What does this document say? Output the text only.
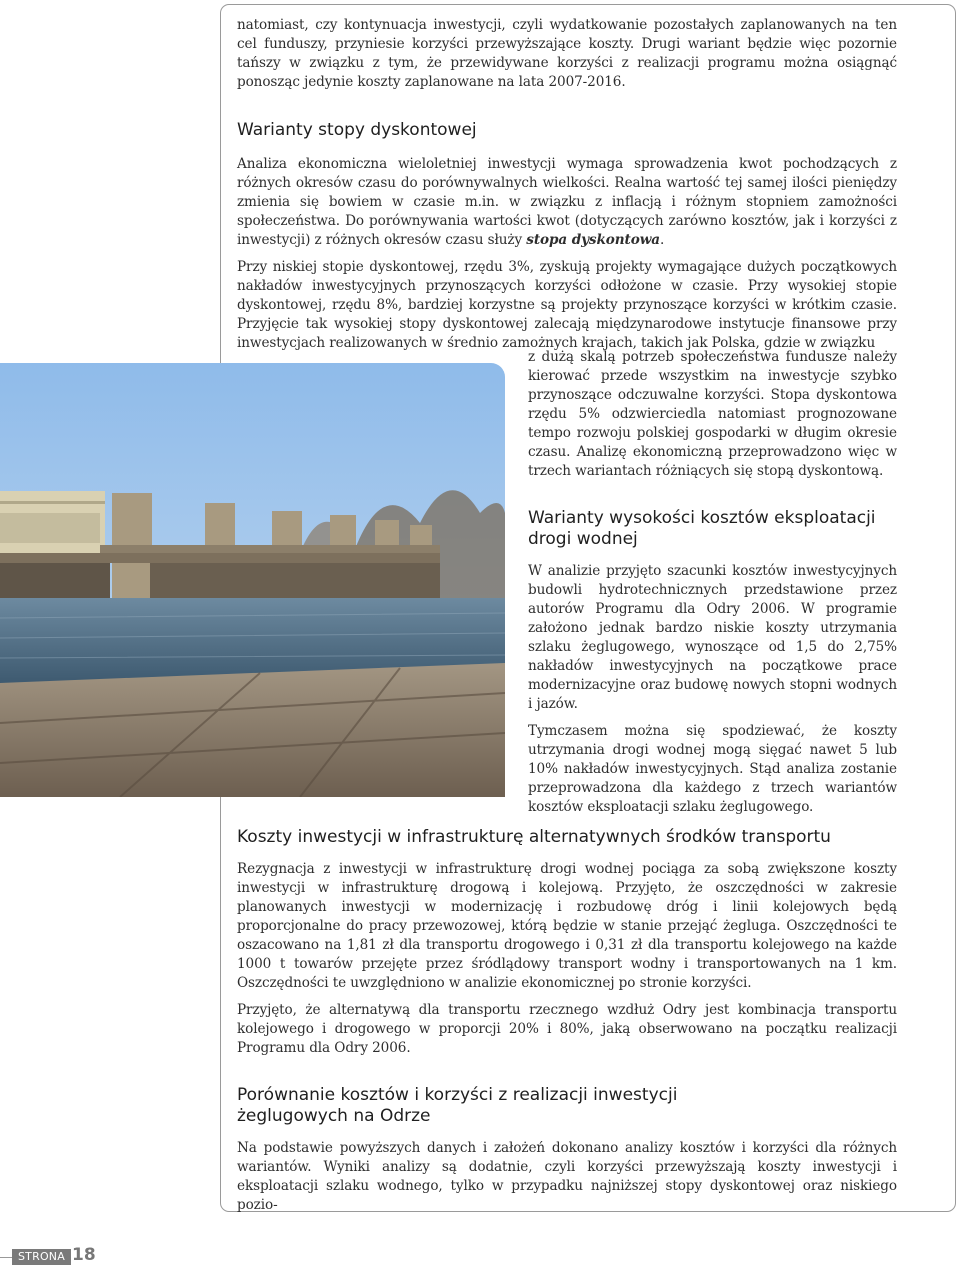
natomiast, czy kontynuacja inwestycji, czyli wydatkowanie pozostałych zaplanowanych na ten cel funduszy, przyniesie korzyści przewyższające koszty. Drugi wariant będzie więc pozornie tańszy w związku z tym, że przewidywane korzyści z realizacji programu można osiągnąć ponosząc jedynie koszty zaplanowane na lata 2007-2016.

Warianty stopy dyskontowej

Analiza ekonomiczna wieloletniej inwestycji wymaga sprowadzenia kwot pochodzących z różnych okresów czasu do porównywalnych wielkości. Realna wartość tej samej ilości pieniędzy zmienia się bowiem w czasie m.in. w związku z inflacją i różnym stopniem zamożności społeczeństwa. Do porównywania wartości kwot (dotyczących zarówno kosztów, jak i korzyści z inwestycji) z różnych okresów czasu służy stopa dyskontowa.

Przy niskiej stopie dyskontowej, rzędu 3%, zyskują projekty wymagające dużych początkowych nakładów inwestycyjnych przynoszących korzyści odłożone w czasie. Przy wysokiej stopie dyskontowej, rzędu 8%, bardziej korzystne są projekty przynoszące korzyści w krótkim czasie. Przyjęcie tak wysokiej stopy dyskontowej zalecają międzynarodowe instytucje finansowe przy inwestycjach realizowanych w średnio zamożnych krajach, takich jak Polska, gdzie w związku

z dużą skalą potrzeb społeczeństwa fundusze należy kierować przede wszystkim na inwestycje szybko przynoszące odczuwalne korzyści. Stopa dyskontowa rzędu 5% odzwierciedla natomiast prognozowane tempo rozwoju polskiej gospodarki w długim okresie czasu. Analizę ekonomiczną przeprowadzono więc w trzech wariantach różniących się stopą dyskontową.

Warianty wysokości kosztów eksploatacji drogi wodnej

W analizie przyjęto szacunki kosztów inwestycyjnych budowli hydrotechnicznych przedstawione przez autorów Programu dla Odry 2006. W programie założono jednak bardzo niskie koszty utrzymania szlaku żeglugowego, wynoszące od 1,5 do 2,75% nakładów inwestycyjnych na początkowe prace modernizacyjne oraz budowę nowych stopni wodnych i jazów.

Tymczasem można się spodziewać, że koszty utrzymania drogi wodnej mogą sięgać nawet 5 lub 10% nakładów inwestycyjnych. Stąd analiza zostanie przeprowadzona dla każdego z trzech wariantów kosztów eksploatacji szlaku żeglugowego.

Koszty inwestycji w infrastrukturę alternatywnych środków transportu

Rezygnacja z inwestycji w infrastrukturę drogi wodnej pociąga za sobą zwiększone koszty inwestycji w infrastrukturę drogową i kolejową. Przyjęto, że oszczędności w zakresie planowanych inwestycji w modernizację i rozbudowę dróg i linii kolejowych będą proporcjonalne do pracy przewozowej, którą będzie w stanie przejąć żegluga. Oszczędności te oszacowano na 1,81 zł dla transportu drogowego i 0,31 zł dla transportu kolejowego na każde 1000 t towarów przejęte przez śródlądowy transport wodny i transportowanych na 1 km. Oszczędności te uwzględniono w analizie ekonomicznej po stronie korzyści.

Przyjęto, że alternatywą dla transportu rzecznego wzdłuż Odry jest kombinacja transportu kolejowego i drogowego w proporcji 20% i 80%, jaką obserwowano na początku realizacji Programu dla Odry 2006.

Porównanie kosztów i korzyści z realizacji inwestycji żeglugowych na Odrze

Na podstawie powyższych danych i założeń dokonano analizy kosztów i korzyści dla różnych wariantów. Wyniki analizy są dodatnie, czyli korzyści przewyższają koszty inwestycji i eksploatacji szlaku wodnego, tylko w przypadku najniższej stopy dyskontowej oraz niskiego pozio-

STRONA 18
